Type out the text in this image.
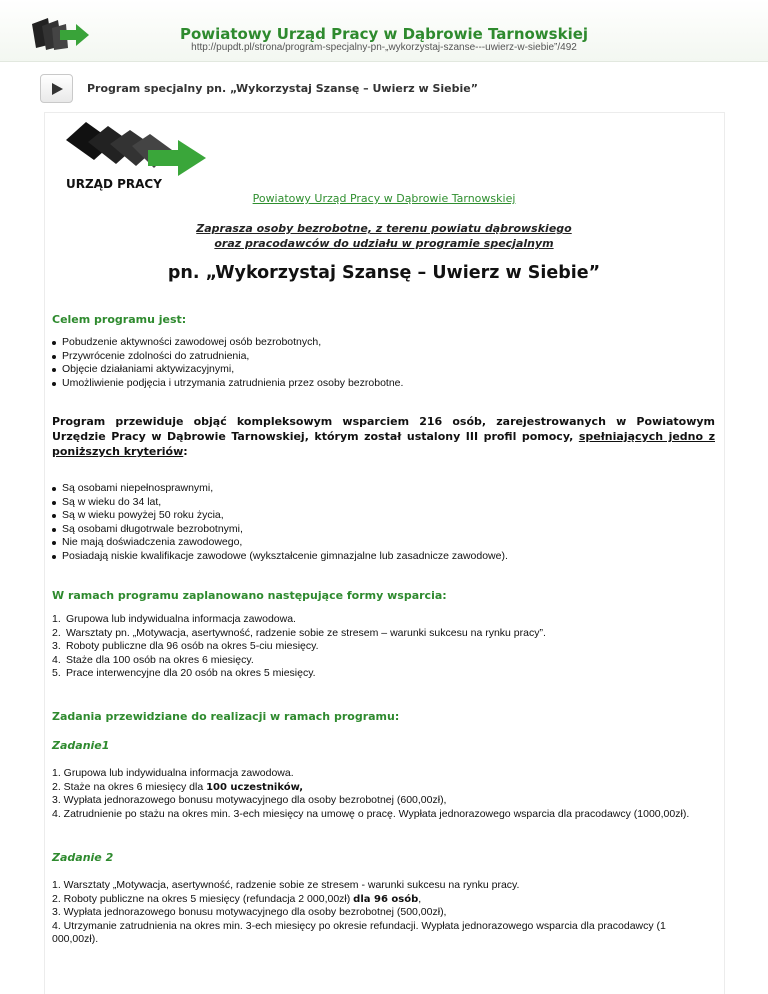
Powiatowy Urząd Pracy w Dąbrowie Tarnowskiej
http://pupdt.pl/strona/program-specjalny-pn-„wykorzystaj-szanse---uwierz-w-siebie”/492
Program specjalny pn. „Wykorzystaj Szansę – Uwierz w Siebie”
URZĄD PRACY
Powiatowy Urząd Pracy w Dąbrowie Tarnowskiej
Zaprasza osoby bezrobotne, z terenu powiatu dąbrowskiego
oraz pracodawców do udziału w programie specjalnym
pn. „Wykorzystaj Szansę – Uwierz w Siebie”
Celem programu jest:
Pobudzenie aktywności zawodowej osób bezrobotnych,
Przywrócenie zdolności do zatrudnienia,
Objęcie działaniami aktywizacyjnymi,
Umożliwienie podjęcia i utrzymania zatrudnienia przez osoby bezrobotne.
Program przewiduje objąć kompleksowym wsparciem 216 osób, zarejestrowanych w Powiatowym Urzędzie Pracy w Dąbrowie Tarnowskiej, którym został ustalony III profil pomocy, spełniających jedno z poniższych kryteriów:
Są osobami niepełnosprawnymi,
Są w wieku do 34 lat,
Są w wieku powyżej 50 roku życia,
Są osobami długotrwale bezrobotnymi,
Nie mają doświadczenia zawodowego,
Posiadają niskie kwalifikacje zawodowe (wykształcenie gimnazjalne lub zasadnicze zawodowe).
W ramach programu zaplanowano następujące formy wsparcia:
1. Grupowa lub indywidualna informacja zawodowa.
2. Warsztaty pn. „Motywacja, asertywność, radzenie sobie ze stresem – warunki sukcesu na rynku pracy”.
3. Roboty publiczne dla 96 osób na okres 5-ciu miesięcy.
4. Staże dla 100 osób na okres 6 miesięcy.
5. Prace interwencyjne dla 20 osób na okres 5 miesięcy.
Zadania przewidziane do realizacji w ramach programu:
Zadanie1
1. Grupowa lub indywidualna informacja zawodowa.
2. Staże na okres 6 miesięcy dla 100 uczestników,
3. Wypłata jednorazowego bonusu motywacyjnego dla osoby bezrobotnej (600,00zł),
4. Zatrudnienie po stażu na okres min. 3-ech miesięcy na umowę o pracę. Wypłata jednorazowego wsparcia dla pracodawcy (1000,00zł).
Zadanie 2
1. Warsztaty „Motywacja, asertywność, radzenie sobie ze stresem - warunki sukcesu na rynku pracy.
2. Roboty publiczne na okres 5 miesięcy (refundacja 2 000,00zł) dla 96 osób,
3. Wypłata jednorazowego bonusu motywacyjnego dla osoby bezrobotnej (500,00zł),
4. Utrzymanie zatrudnienia na okres min. 3-ech miesięcy po okresie refundacji. Wypłata jednorazowego wsparcia dla pracodawcy (1 000,00zł).
